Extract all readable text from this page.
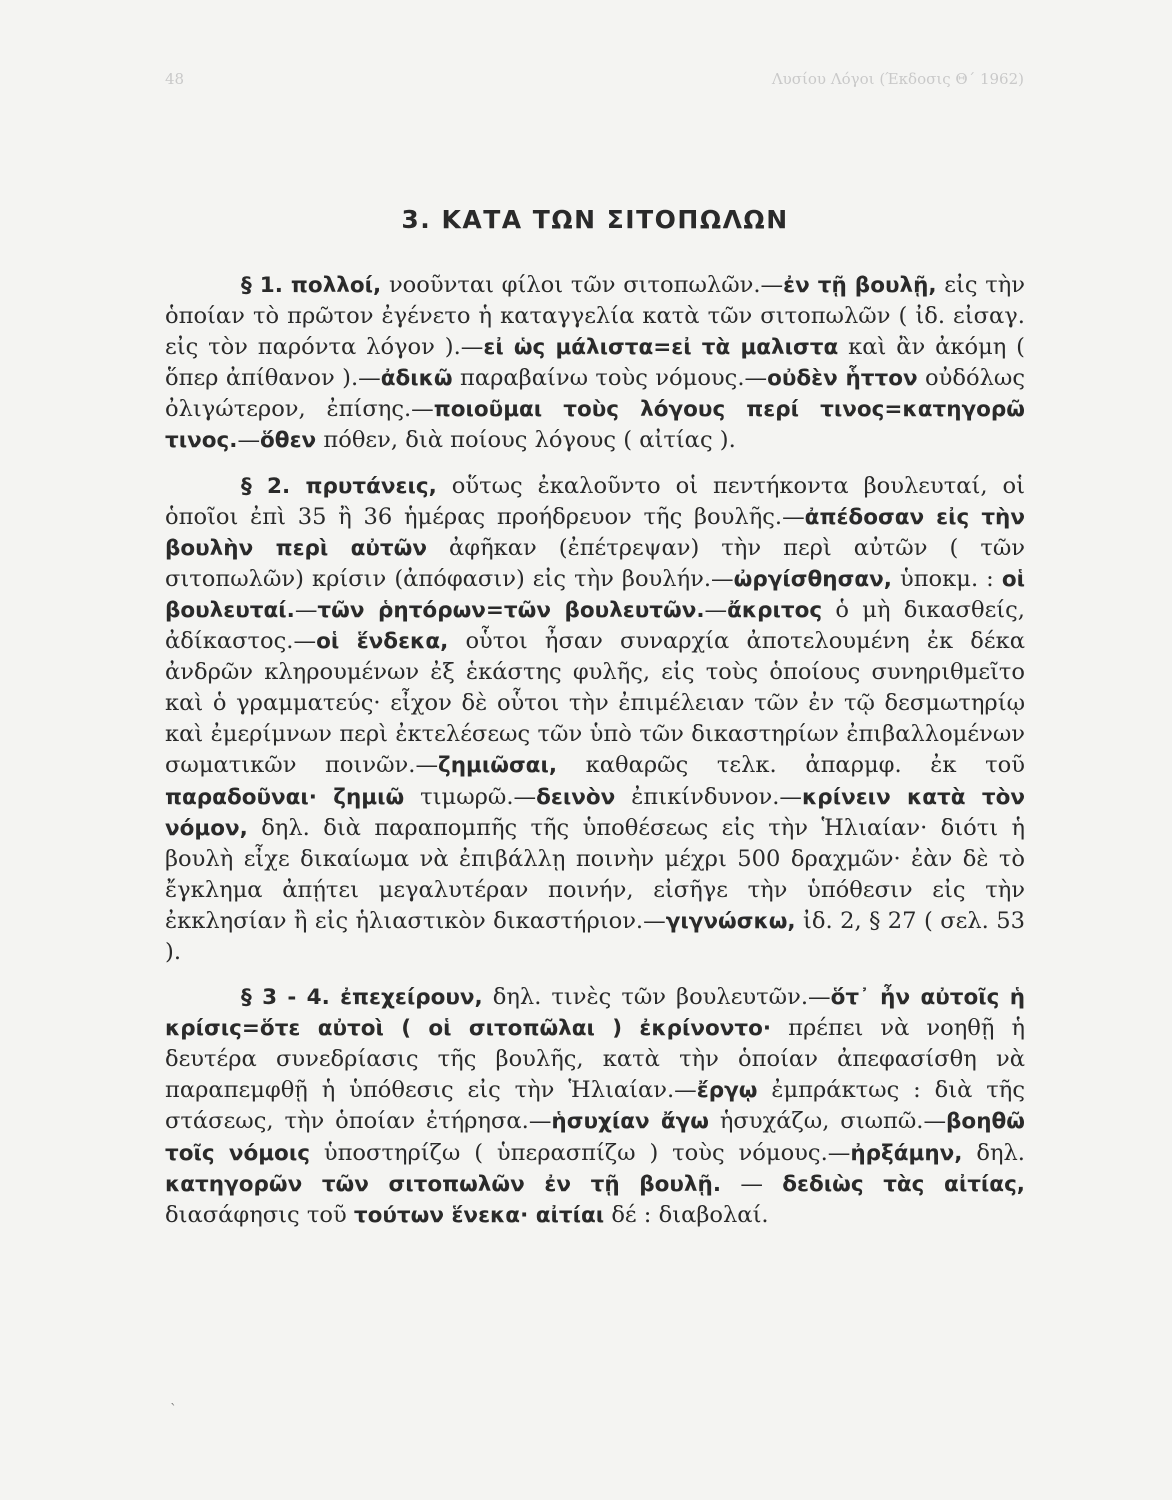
48	Λυσίου Λόγοι (Έκδοσις Θ΄ 1962)
3. ΚΑΤΑ ΤΩΝ ΣΙΤΟΠΩΛΩΝ
§ 1. πολλοί, νοοῦνται φίλοι τῶν σιτοπωλῶν.—ἐν τῇ βουλῇ, εἰς τὴν ὁποίαν τὸ πρῶτον ἐγένετο ἡ καταγγελία κατὰ τῶν σιτοπωλῶν ( ἰδ. εἰσαγ. εἰς τὸν παρόντα λόγον ).—εἰ ὡς μάλιστα=εἰ τὰ μαλιστα καὶ ἂν ἀκόμη ( ὅπερ ἀπίθανον ).—ἀδικῶ παραβαίνω τοὺς νόμους.—οὐδὲν ἧττον οὐδόλως ὀλιγώτερον, ἐπίσης.—ποιοῦμαι τοὺς λόγους περί τινος=κατηγορῶ τινος.—ὅθεν πόθεν, διὰ ποίους λόγους ( αἰτίας ).
§ 2. πρυτάνεις, οὕτως ἐκαλοῦντο οἱ πεντήκοντα βουλευταί, οἱ ὁποῖοι ἐπὶ 35 ἢ 36 ἡμέρας προήδρευον τῆς βουλῆς.—ἀπέδοσαν εἰς τὴν βουλὴν περὶ αὐτῶν ἀφῆκαν (ἐπέτρεψαν) τὴν περὶ αὐτῶν ( τῶν σιτοπωλῶν) κρίσιν (ἀπόφασιν) εἰς τὴν βουλήν.—ὠργίσθησαν, ὑποκμ. : οἱ βουλευταί.—τῶν ῥητόρων=τῶν βουλευτῶν.—ἄκριτος ὁ μὴ δικασθείς, ἀδίκαστος.—οἱ ἕνδεκα, οὗτοι ἦσαν συναρχία ἀποτελουμένη ἐκ δέκα ἀνδρῶν κληρουμένων ἐξ ἑκάστης φυλῆς, εἰς τοὺς ὁποίους συνηριθμεῖτο καὶ ὁ γραμματεύς· εἶχον δὲ οὗτοι τὴν ἐπιμέλειαν τῶν ἐν τῷ δεσμωτηρίῳ καὶ ἐμερίμνων περὶ ἐκτελέσεως τῶν ὑπὸ τῶν δικαστηρίων ἐπιβαλλομένων σωματικῶν ποινῶν.—ζημιῶσαι, καθαρῶς τελκ. ἀπαρμφ. ἐκ τοῦ παραδοῦναι· ζημιῶ τιμωρῶ.—δεινὸν ἐπικίνδυνον.—κρίνειν κατὰ τὸν νόμον, δηλ. διὰ παραπομπῆς τῆς ὑποθέσεως εἰς τὴν Ἡλιαίαν· διότι ἡ βουλὴ εἶχε δικαίωμα νὰ ἐπιβάλλῃ ποινὴν μέχρι 500 δραχμῶν· ἐὰν δὲ τὸ ἔγκλημα ἀπῄτει μεγαλυτέραν ποινήν, εἰσῆγε τὴν ὑπόθεσιν εἰς τὴν ἐκκλησίαν ἢ εἰς ἡλιαστικὸν δικαστήριον.—γιγνώσκω, ἰδ. 2, § 27 ( σελ. 53 ).
§ 3 - 4. ἐπεχείρουν, δηλ. τινὲς τῶν βουλευτῶν.—ὅτ᾽ ἦν αὐτοῖς ἡ κρίσις=ὅτε αὐτοὶ ( οἱ σιτοπῶλαι ) ἐκρίνοντο· πρέπει νὰ νοηθῇ ἡ δευτέρα συνεδρίασις τῆς βουλῆς, κατὰ τὴν ὁποίαν ἀπεφασίσθη νὰ παραπεμφθῇ ἡ ὑπόθεσις εἰς τὴν Ἡλιαίαν.—ἔργῳ ἐμπράκτως : διὰ τῆς στάσεως, τὴν ὁποίαν ἐτήρησα.—ἡσυχίαν ἄγω ἡσυχάζω, σιωπῶ.—βοηθῶ τοῖς νόμοις ὑποστηρίζω ( ὑπερασπίζω ) τοὺς νόμους.—ἠρξάμην, δηλ. κατηγορῶν τῶν σιτοπωλῶν ἐν τῇ βουλῇ. — δεδιὼς τὰς αἰτίας, διασάφησις τοῦ τούτων ἕνεκα· αἰτίαι δέ : διαβολαί.
`
